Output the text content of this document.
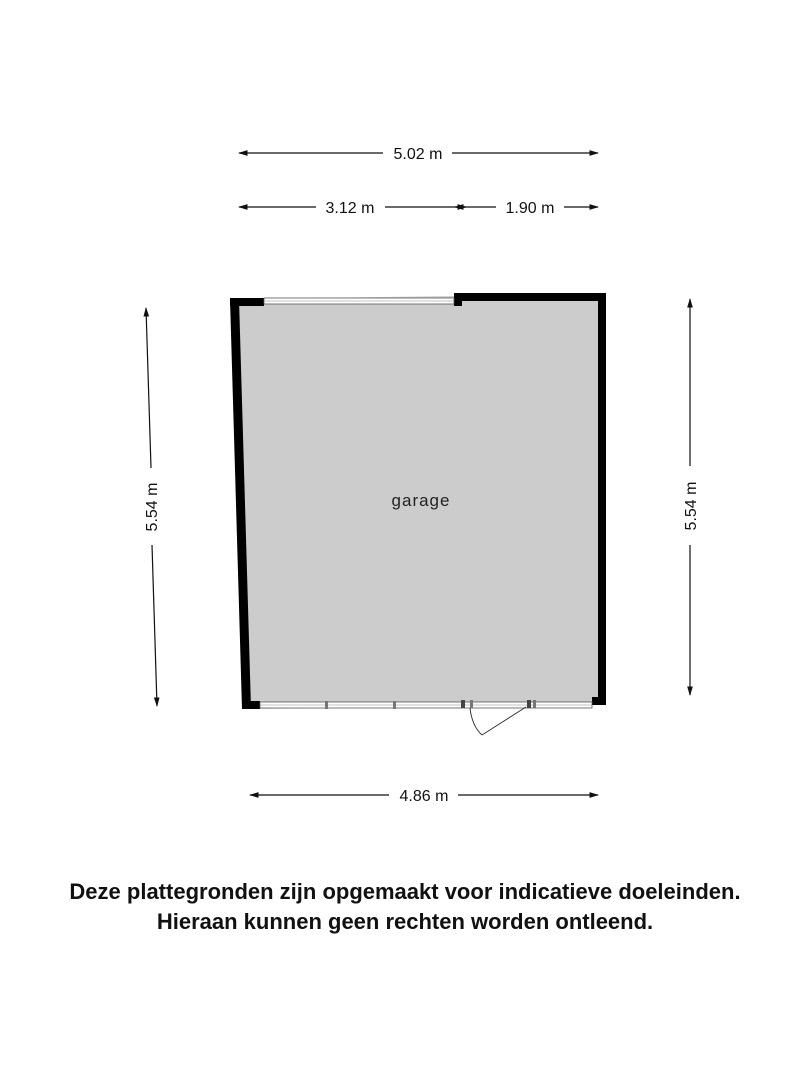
5.02 m
3.12 m	1.90 m
5.54 m	5.54 m
4.86 m
garage
Deze plattegronden zijn opgemaakt voor indicatieve doeleinden.
Hieraan kunnen geen rechten worden ontleend.
